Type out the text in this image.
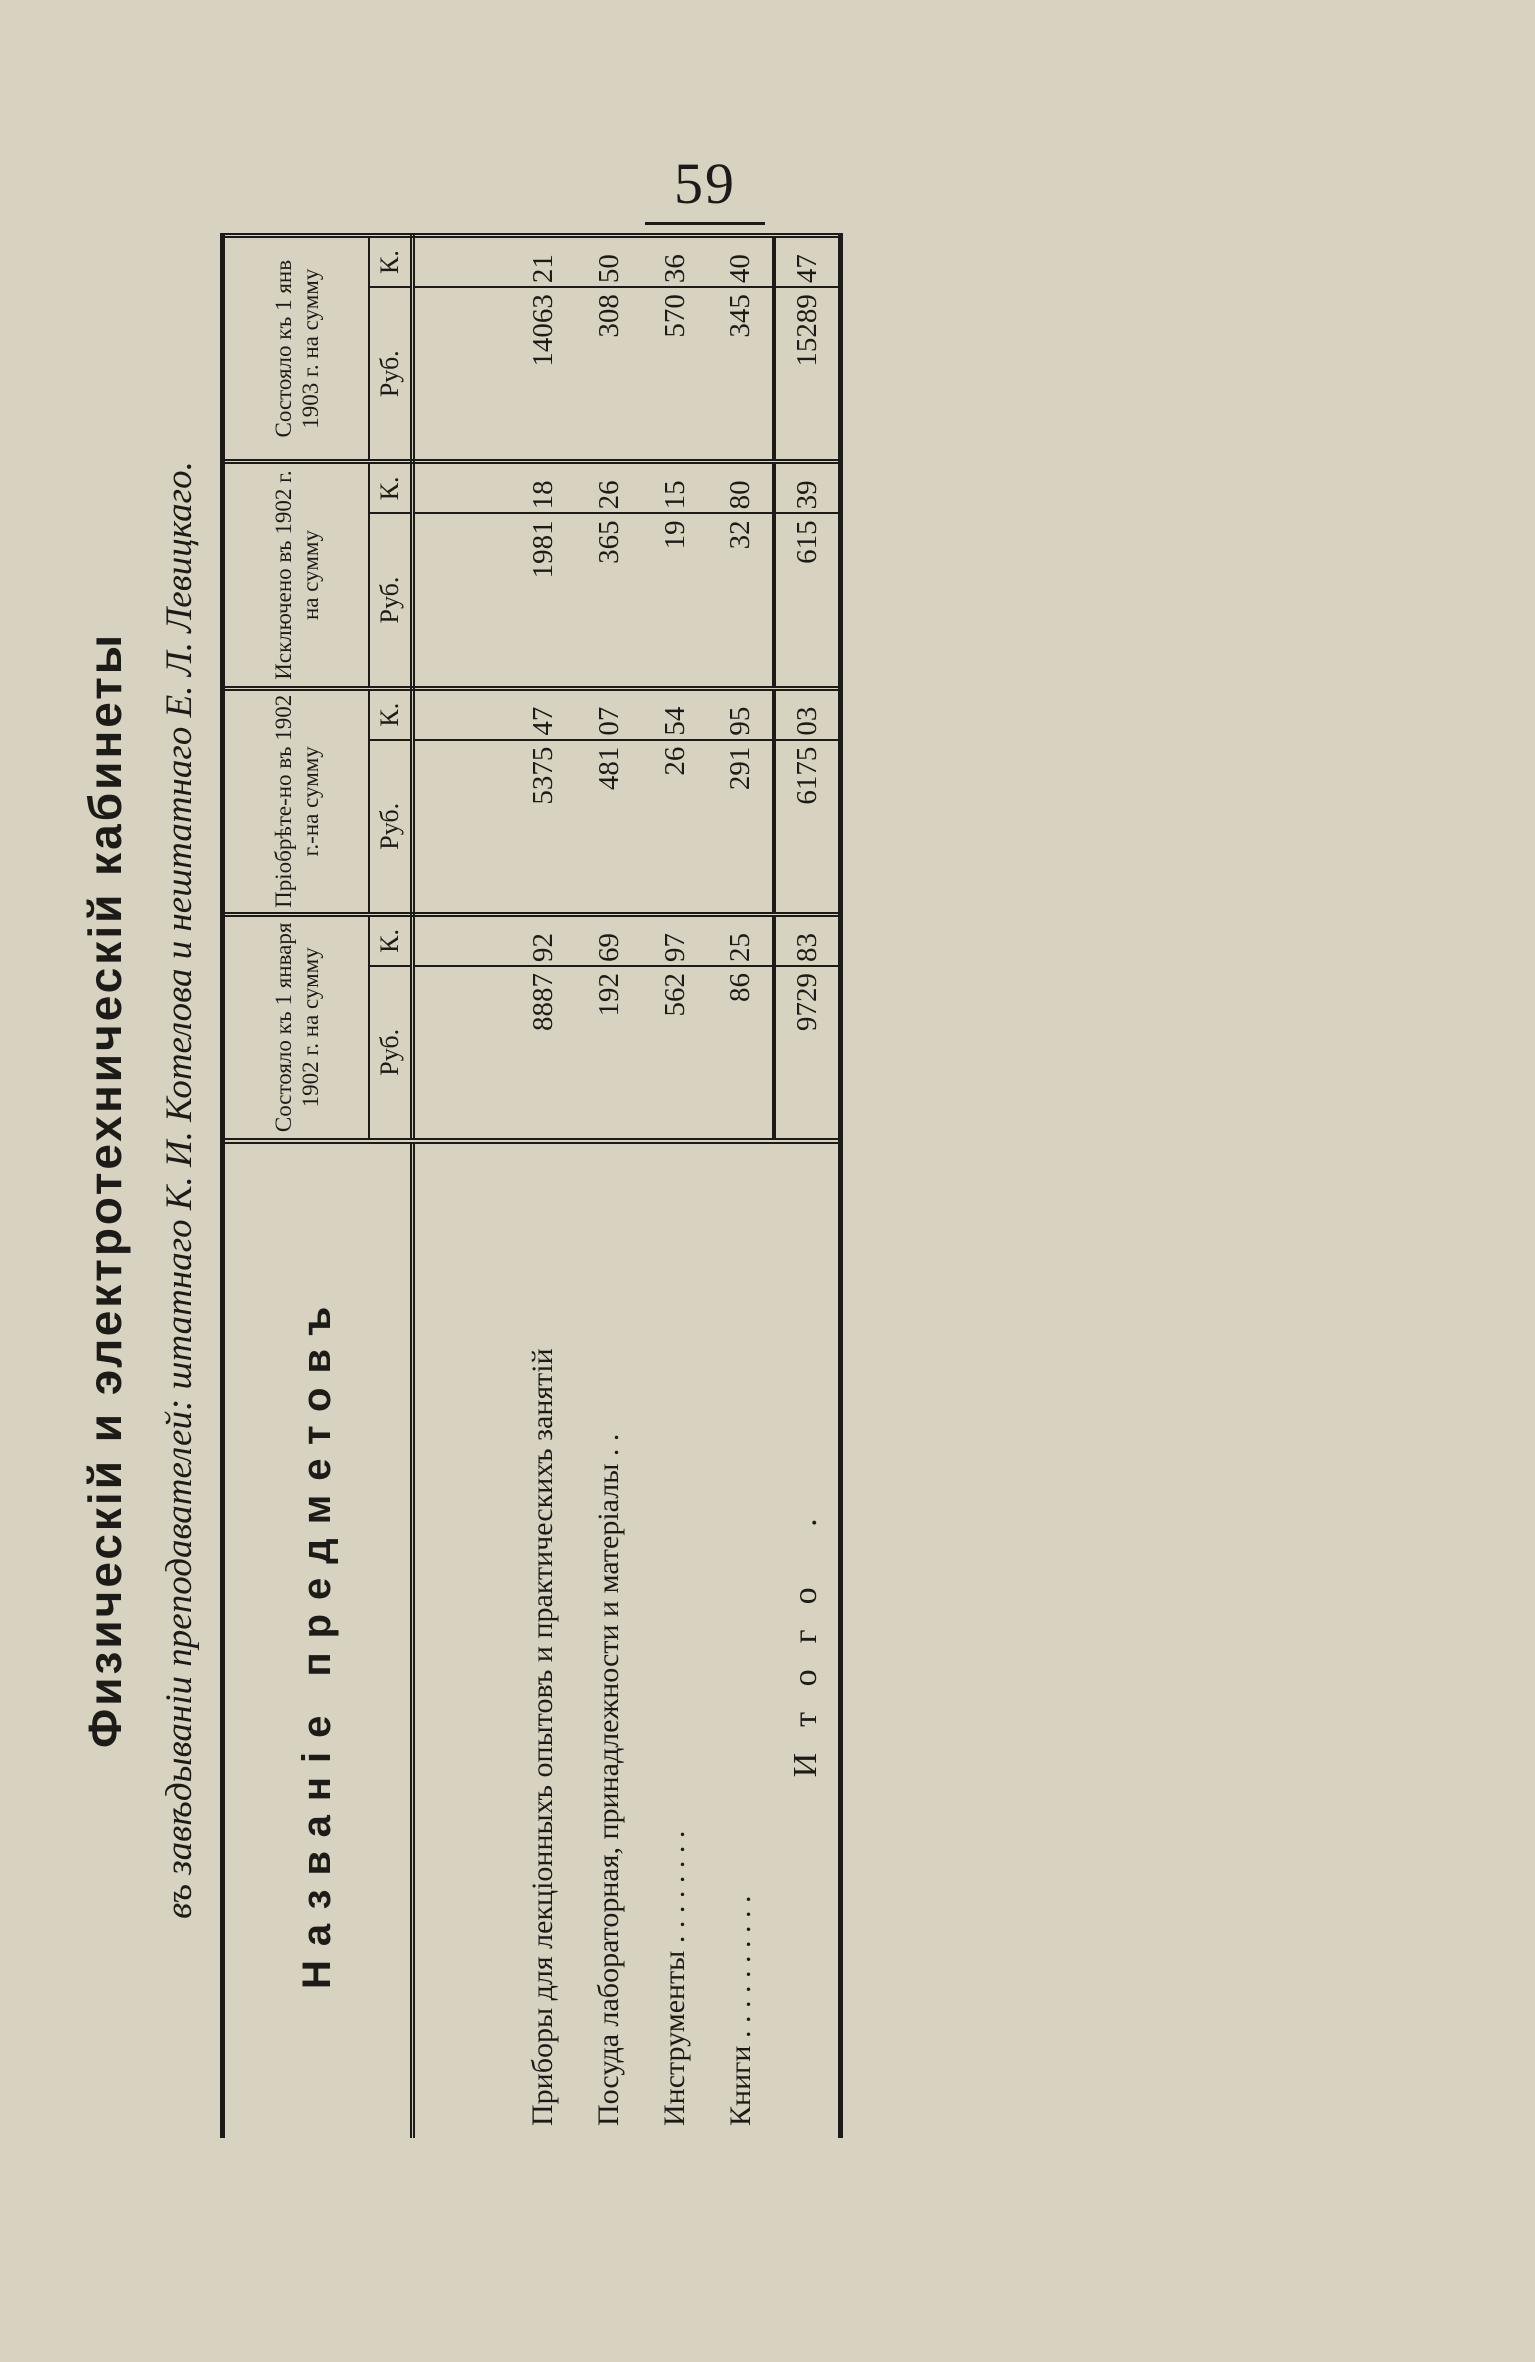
59
Физическій и электротехническій кабинеты въ завѣдываніи преподавателей: штатнаго К. И. Котелова и нештатнаго Е. Л. Левицкаго. Названіе предметовъ	Состояло къ 1 января 1902 г. на сумму		Пріобрѣте-но въ 1902 г.-на сумму		Исключено въ 1902 г. на сумму		Состояло къ 1 янв 1903 г. на сумму	
	Руб.	К.	Руб.	К.	Руб.	К.	Руб.	К.

Приборы для лекціонныхъ опытовъ и практическихъ занятій	8887	92	5375	47	1981	18	14063	21
Посуда лабораторная, принадлежности и матеріалы . .	192	69	481	07	365	26	308	50
Инструменты . . . . . . . .	562	97	26	54	19	15	570	36
Книги . . . . . . . . . .	86	25	291	95	32	80	345	40
Итого .	9729	83	6175	03	615	39	15289	47
